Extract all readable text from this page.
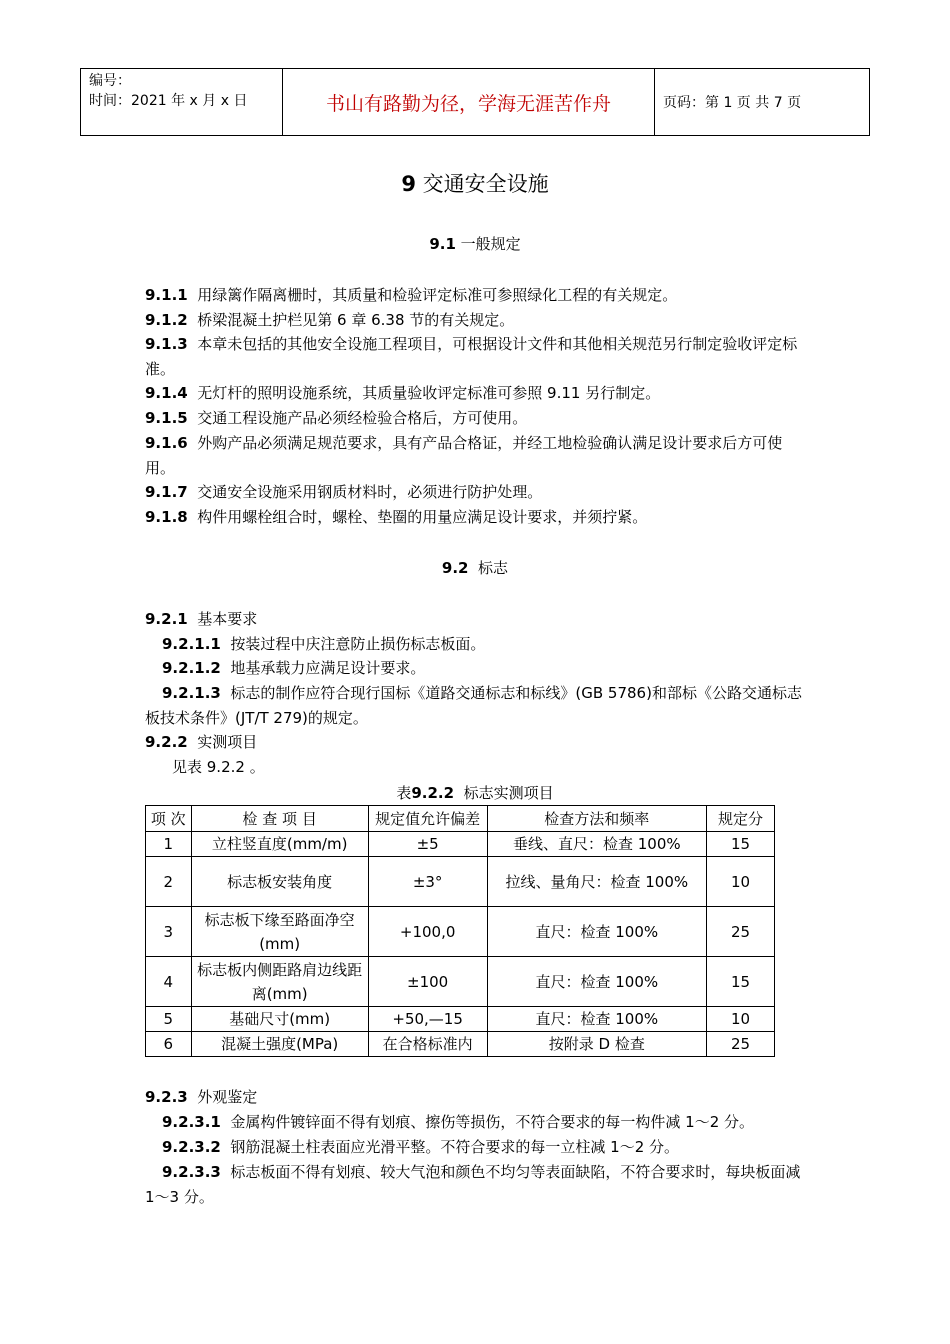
编号：
时间：2021 年 x 月 x 日	书山有路勤为径，学海无涯苦作舟	页码：第 1 页 共 7 页
9 交通安全设施
9.1 一般规定
9.1.1 用绿篱作隔离栅时，其质量和检验评定标准可参照绿化工程的有关规定。
9.1.2 桥梁混凝土护栏见第 6 章 6.38 节的有关规定。
9.1.3 本章未包括的其他安全设施工程项目，可根据设计文件和其他相关规范另行制定验收评定标准。
9.1.4 无灯杆的照明设施系统，其质量验收评定标准可参照 9.11 另行制定。
9.1.5 交通工程设施产品必须经检验合格后，方可使用。
9.1.6 外购产品必须满足规范要求，具有产品合格证，并经工地检验确认满足设计要求后方可使用。
9.1.7 交通安全设施采用钢质材料时，必须进行防护处理。
9.1.8 构件用螺栓组合时，螺栓、垫圈的用量应满足设计要求，并须拧紧。
9.2 标志
9.2.1 基本要求
9.2.1.1 按装过程中庆注意防止损伤标志板面。
9.2.1.2 地基承载力应满足设计要求。
9.2.1.3 标志的制作应符合现行国标《道路交通标志和标线》(GB 5786)和部标《公路交通标志板技术条件》(JT/T 279)的规定。
9.2.2 实测项目
见表 9.2.2 。
表9.2.2 标志实测项目
项 次	检 查 项 目	规定值允许偏差	检查方法和频率	规定分
1	立柱竖直度(mm/m)	±5	垂线、直尺：检查 100%	15
2	标志板安装角度	±3°	拉线、量角尺：检查 100%	10
3	标志板下缘至路面净空(mm)	+100,0	直尺：检查 100%	25
4	标志板内侧距路肩边线距离(mm)	±100	直尺：检查 100%	15
5	基础尺寸(mm)	+50,—15	直尺：检查 100%	10
6	混凝土强度(MPa)	在合格标准内	按附录 D 检查	25
9.2.3 外观鉴定
9.2.3.1 金属构件镀锌面不得有划痕、擦伤等损伤，不符合要求的每一构件减 1～2 分。
9.2.3.2 钢筋混凝土柱表面应光滑平整。不符合要求的每一立柱减 1～2 分。
9.2.3.3 标志板面不得有划痕、较大气泡和颜色不均匀等表面缺陷，不符合要求时，每块板面减 1～3 分。
